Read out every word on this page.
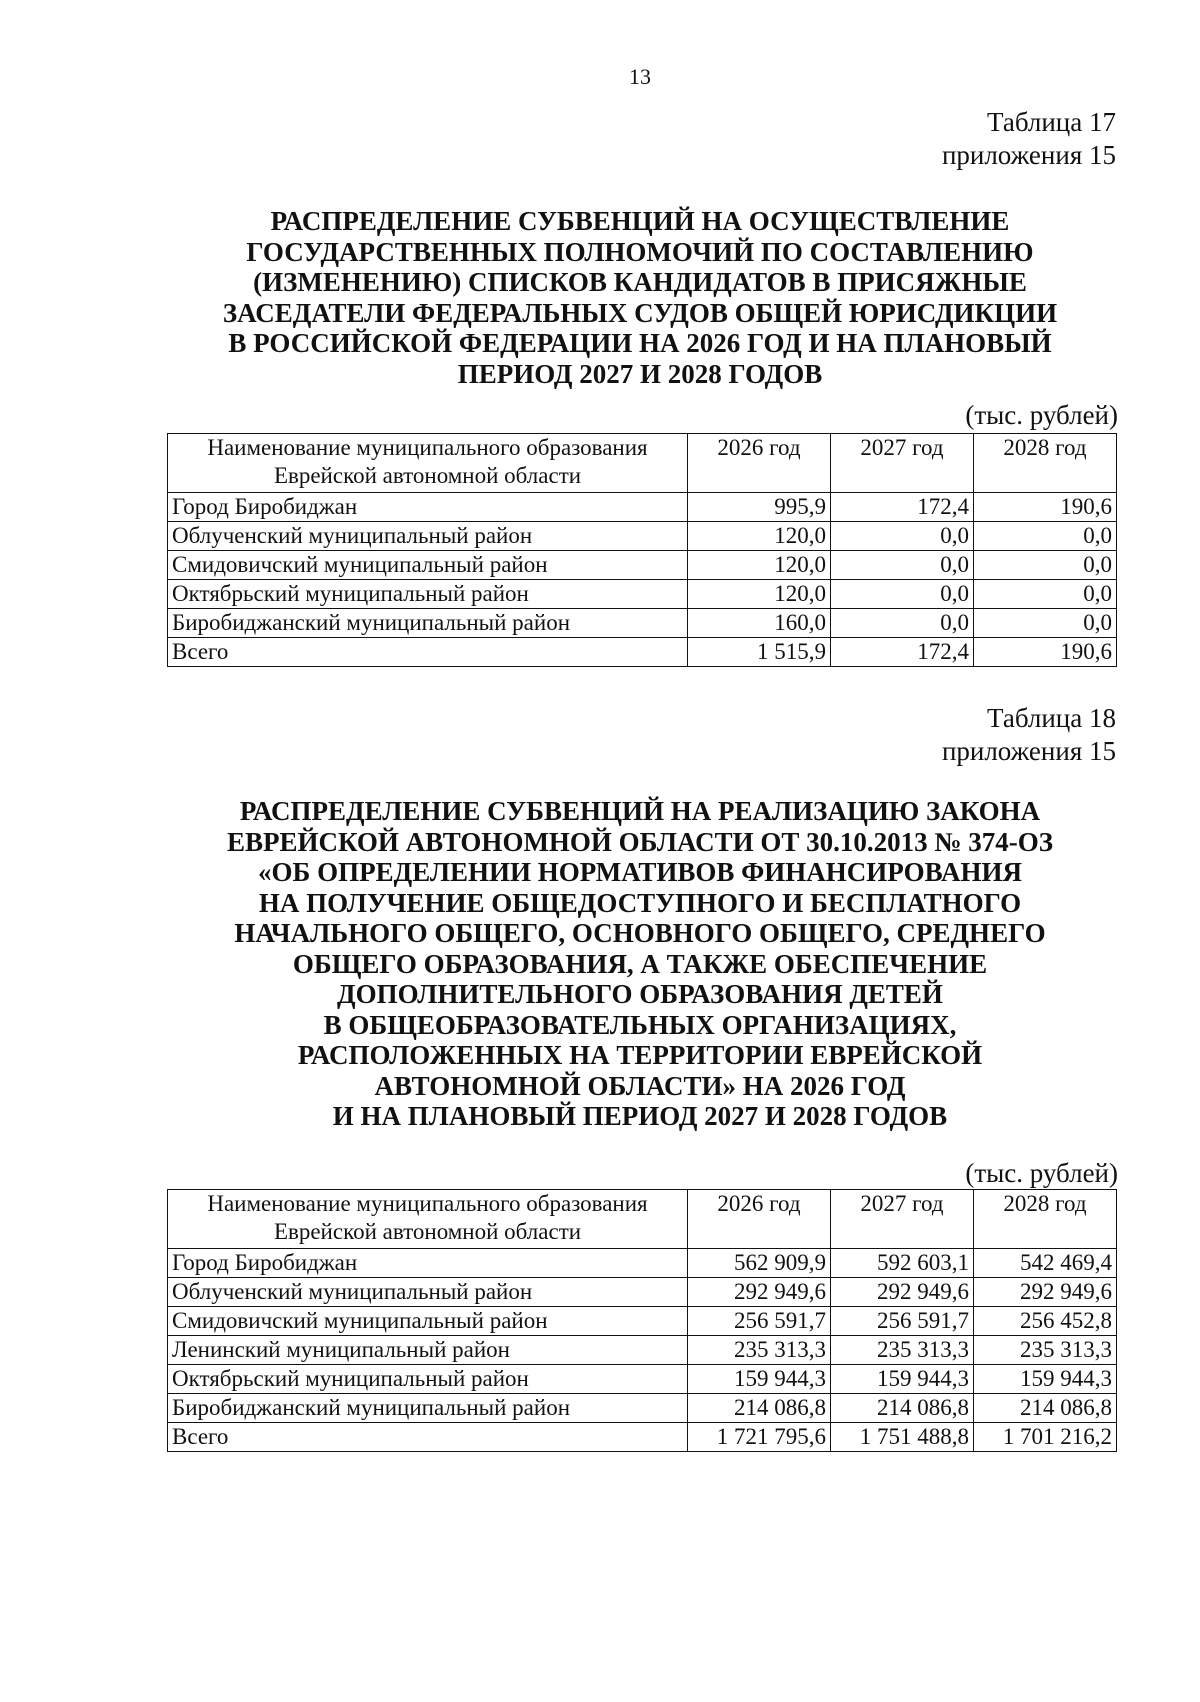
13
Таблица 17
приложения 15
РАСПРЕДЕЛЕНИЕ СУБВЕНЦИЙ НА ОСУЩЕСТВЛЕНИЕ
ГОСУДАРСТВЕННЫХ ПОЛНОМОЧИЙ ПО СОСТАВЛЕНИЮ
(ИЗМЕНЕНИЮ) СПИСКОВ КАНДИДАТОВ В ПРИСЯЖНЫЕ
ЗАСЕДАТЕЛИ ФЕДЕРАЛЬНЫХ СУДОВ ОБЩЕЙ ЮРИСДИКЦИИ
В РОССИЙСКОЙ ФЕДЕРАЦИИ НА 2026 ГОД И НА ПЛАНОВЫЙ
ПЕРИОД 2027 И 2028 ГОДОВ
(тыс. рублей)
Наименование муниципального образования Еврейской автономной области	2026 год	2027 год	2028 год
Город Биробиджан	995,9	172,4	190,6
Облученский муниципальный район	120,0	0,0	0,0
Смидовичский муниципальный район	120,0	0,0	0,0
Октябрьский муниципальный район	120,0	0,0	0,0
Биробиджанский муниципальный район	160,0	0,0	0,0
Всего	1 515,9	172,4	190,6
Таблица 18
приложения 15
РАСПРЕДЕЛЕНИЕ СУБВЕНЦИЙ НА РЕАЛИЗАЦИЮ ЗАКОНА
ЕВРЕЙСКОЙ АВТОНОМНОЙ ОБЛАСТИ ОТ 30.10.2013 № 374-ОЗ
«ОБ ОПРЕДЕЛЕНИИ НОРМАТИВОВ ФИНАНСИРОВАНИЯ
НА ПОЛУЧЕНИЕ ОБЩЕДОСТУПНОГО И БЕСПЛАТНОГО
НАЧАЛЬНОГО ОБЩЕГО, ОСНОВНОГО ОБЩЕГО, СРЕДНЕГО
ОБЩЕГО ОБРАЗОВАНИЯ, А ТАКЖЕ ОБЕСПЕЧЕНИЕ
ДОПОЛНИТЕЛЬНОГО ОБРАЗОВАНИЯ ДЕТЕЙ
В ОБЩЕОБРАЗОВАТЕЛЬНЫХ ОРГАНИЗАЦИЯХ,
РАСПОЛОЖЕННЫХ НА ТЕРРИТОРИИ ЕВРЕЙСКОЙ
АВТОНОМНОЙ ОБЛАСТИ» НА 2026 ГОД
И НА ПЛАНОВЫЙ ПЕРИОД 2027 И 2028 ГОДОВ
(тыс. рублей)
Наименование муниципального образования Еврейской автономной области	2026 год	2027 год	2028 год
Город Биробиджан	562 909,9	592 603,1	542 469,4
Облученский муниципальный район	292 949,6	292 949,6	292 949,6
Смидовичский муниципальный район	256 591,7	256 591,7	256 452,8
Ленинский муниципальный район	235 313,3	235 313,3	235 313,3
Октябрьский муниципальный район	159 944,3	159 944,3	159 944,3
Биробиджанский муниципальный район	214 086,8	214 086,8	214 086,8
Всего	1 721 795,6	1 751 488,8	1 701 216,2
